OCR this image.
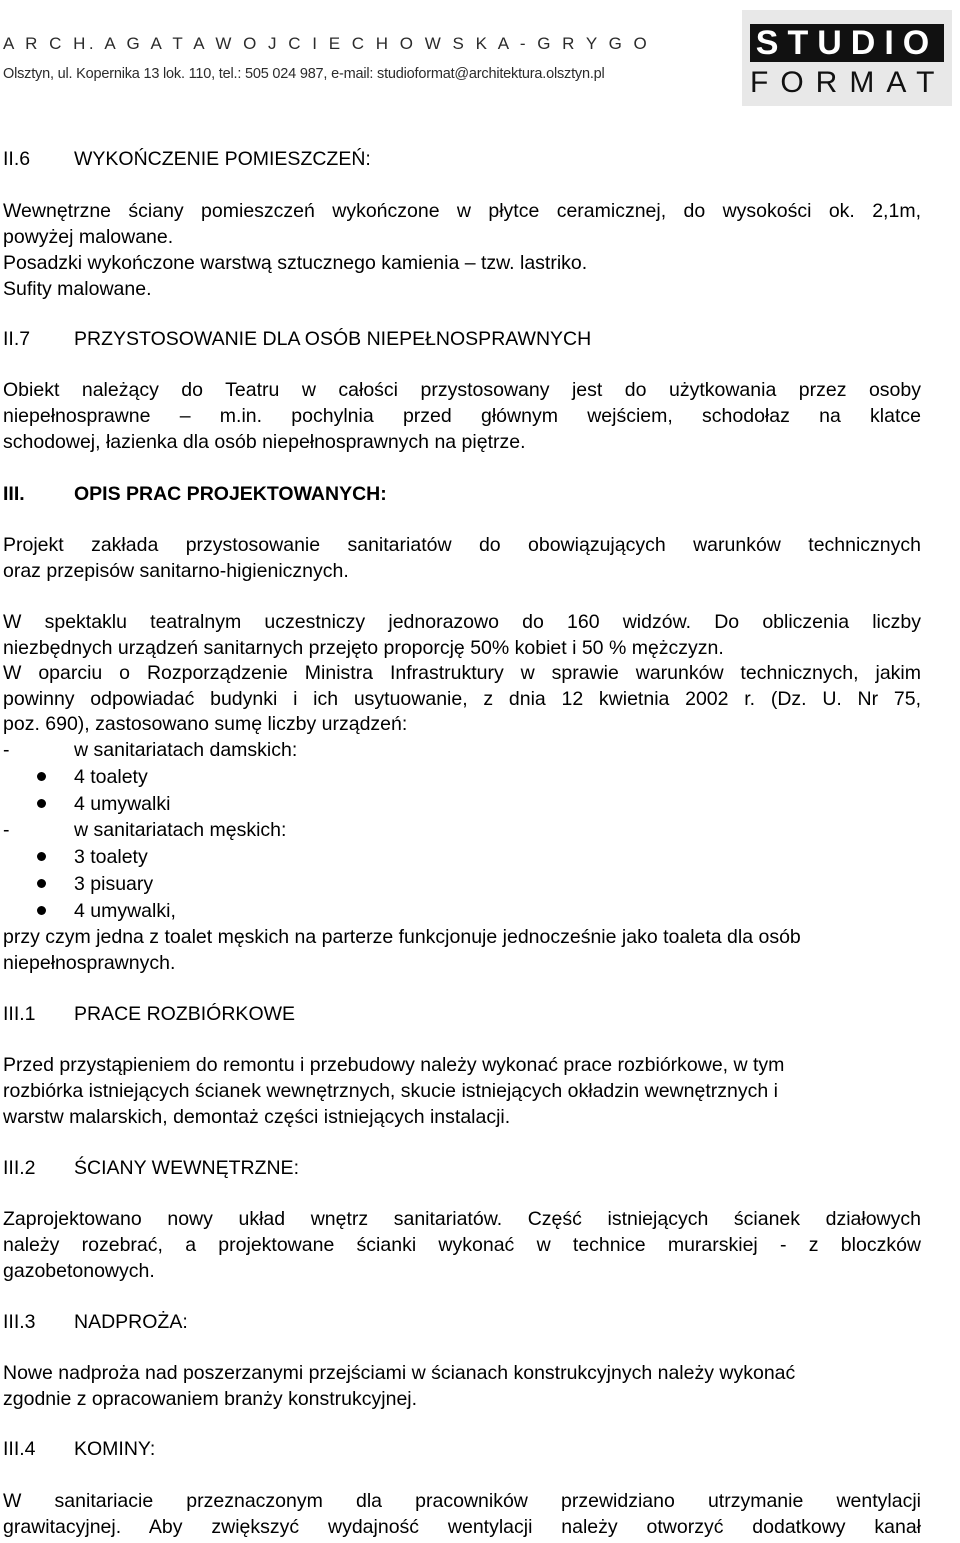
A R C H. A G A T A W O J C I E C H O W S K A - G R Y G O
Olsztyn, ul. Kopernika 13 lok. 110, tel.: 505 024 987, e-mail: studioformat@architektura.olsztyn.pl
STUDIO
FORMAT
II.6 WYKOŃCZENIE POMIESZCZEŃ:
Wewnętrzne ściany pomieszczeń wykończone w płytce ceramicznej, do wysokości ok. 2,1m,
powyżej malowane.
Posadzki wykończone warstwą sztucznego kamienia – tzw. lastriko.
Sufity malowane.
II.7 PRZYSTOSOWANIE DLA OSÓB NIEPEŁNOSPRAWNYCH
Obiekt należący do Teatru w całości przystosowany jest do użytkowania przez osoby
niepełnosprawne – m.in. pochylnia przed głównym wejściem, schodołaz na klatce
schodowej, łazienka dla osób niepełnosprawnych na piętrze.
III.	OPIS PRAC PROJEKTOWANYCH:
Projekt zakłada przystosowanie sanitariatów do obowiązujących warunków technicznych
oraz przepisów sanitarno-higienicznych.
W spektaklu teatralnym uczestniczy jednorazowo do 160 widzów. Do obliczenia liczby
niezbędnych urządzeń sanitarnych przejęto proporcję 50% kobiet i 50 % mężczyzn.
W oparciu o Rozporządzenie Ministra Infrastruktury w sprawie warunków technicznych, jakim
powinny odpowiadać budynki i ich usytuowanie, z dnia 12 kwietnia 2002 r. (Dz. U. Nr 75,
poz. 690), zastosowano sumę liczby urządzeń:
-	w sanitariatach damskich:
4 toalety
4 umywalki
-	w sanitariatach męskich:
3 toalety
3 pisuary
4 umywalki,
przy czym jedna z toalet męskich na parterze funkcjonuje jednocześnie jako toaleta dla osób
niepełnosprawnych.
III.1 PRACE ROZBIÓRKOWE
Przed przystąpieniem do remontu i przebudowy należy wykonać prace rozbiórkowe, w tym
rozbiórka istniejących ścianek wewnętrznych, skucie istniejących okładzin wewnętrznych i
warstw malarskich, demontaż części istniejących instalacji.
III.2 ŚCIANY WEWNĘTRZNE:
Zaprojektowano nowy układ wnętrz sanitariatów. Część istniejących ścianek działowych
należy rozebrać, a projektowane ścianki wykonać w technice murarskiej - z bloczków
gazobetonowych.
III.3 NADPROŻA:
Nowe nadproża nad poszerzanymi przejściami w ścianach konstrukcyjnych należy wykonać
zgodnie z opracowaniem branży konstrukcyjnej.
III.4 KOMINY:
W sanitariacie przeznaczonym dla pracowników przewidziano utrzymanie wentylacji
grawitacyjnej. Aby zwiększyć wydajność wentylacji należy otworzyć dodatkowy kanał
